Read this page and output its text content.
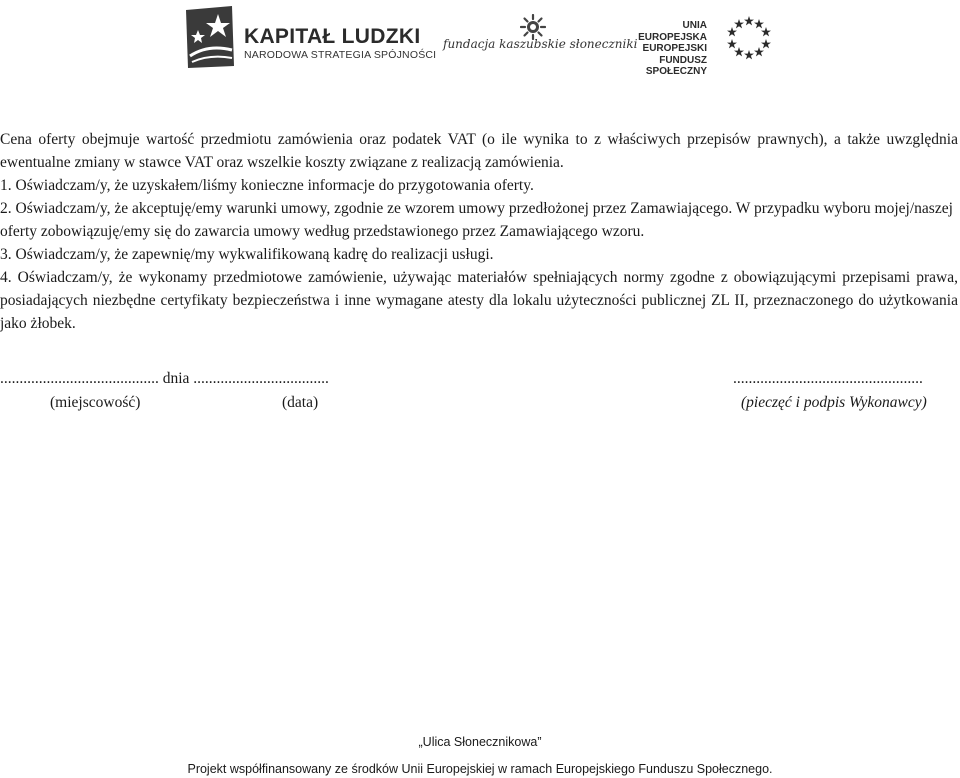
KAPITAŁ LUDZKI
NARODOWA STRATEGIA SPÓJNOŚCI
fundacja kaszubskie słoneczniki
UNIA EUROPEJSKA
EUROPEJSKI
FUNDUSZ SPOŁECZNY

Cena oferty obejmuje wartość przedmiotu zamówienia oraz podatek VAT (o ile wynika to z właściwych przepisów prawnych), a także uwzględnia ewentualne zmiany w stawce VAT oraz wszelkie koszty związane z realizacją zamówienia.

1. Oświadczam/y, że uzyskałem/liśmy konieczne informacje do przygotowania oferty.
2. Oświadczam/y, że akceptuję/emy warunki umowy, zgodnie ze wzorem umowy przedłożonej przez Zamawiającego. W przypadku wyboru mojej/naszej oferty zobowiązuję/emy się do zawarcia umowy według przedstawionego przez Zamawiającego wzoru.
3. Oświadczam/y, że zapewnię/my wykwalifikowaną kadrę do realizacji usługi.
4. Oświadczam/y, że wykonamy przedmiotowe zamówienie, używając materiałów spełniających normy zgodne z obowiązującymi przepisami prawa, posiadających niezbędne certyfikaty bezpieczeństwa i inne wymagane atesty dla lokalu użyteczności publicznej ZL II, przeznaczonego do użytkowania jako żłobek.
......................................... dnia ...................................
(miejscowość)	(data)
.................................................
(pieczęć i podpis Wykonawcy)
„Ulica Słonecznikowa”
Projekt współfinansowany ze środków Unii Europejskiej w ramach Europejskiego Funduszu Społecznego.
